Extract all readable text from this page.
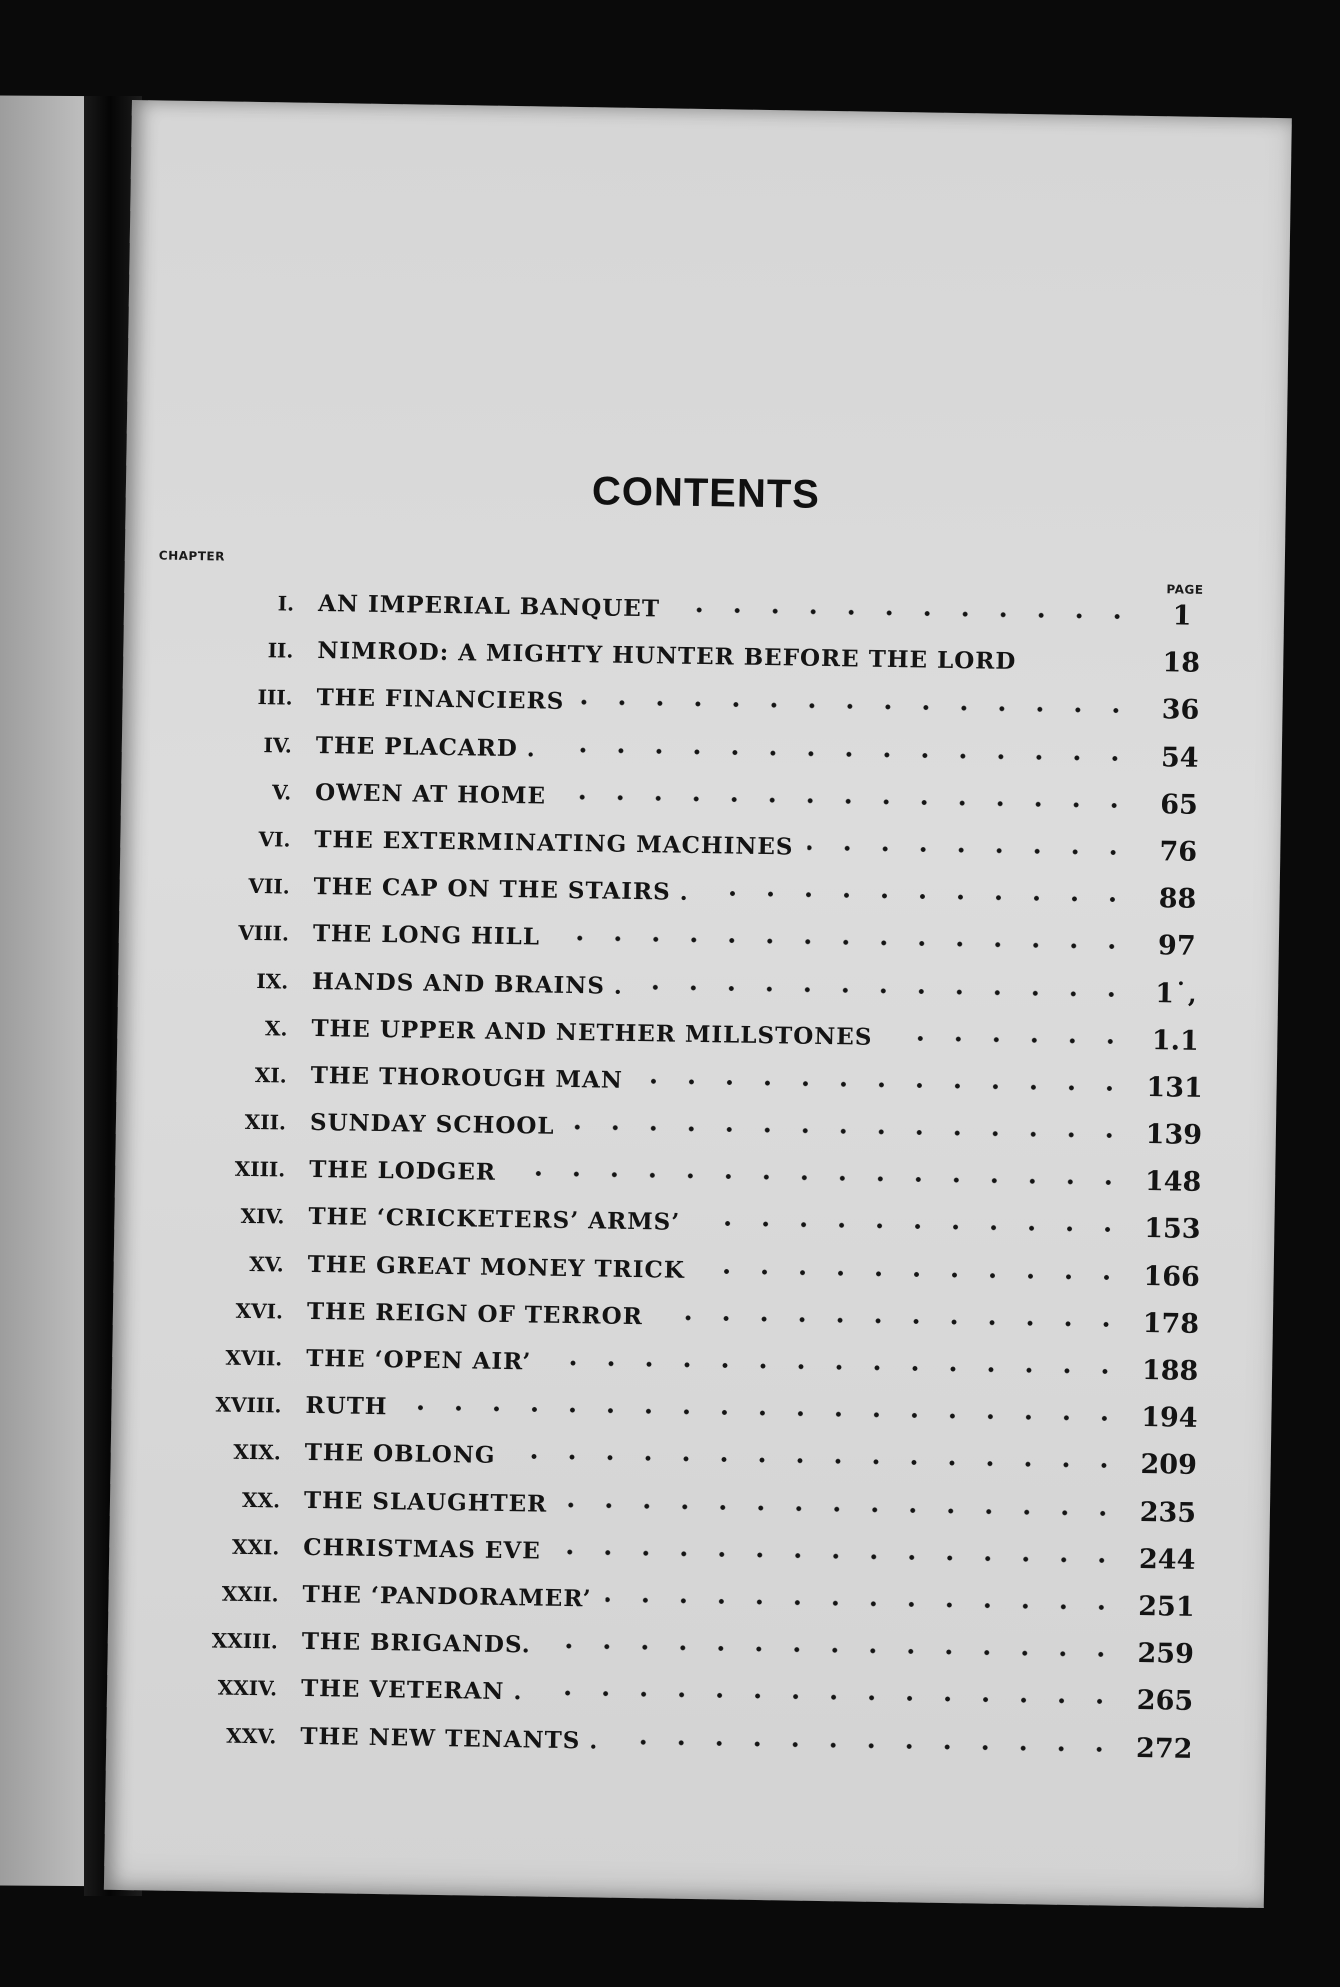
CONTENTS
CHAPTER
PAGE
I.	AN IMPERIAL BANQUET	1
II.	NIMROD: A MIGHTY HUNTER BEFORE THE LORD	18
III.	THE FINANCIERS	36
IV.	THE PLACARD .	54
V.	OWEN AT HOME	65
VI.	THE EXTERMINATING MACHINES	76
VII.	THE CAP ON THE STAIRS .	88
VIII.	THE LONG HILL	97
IX.	HANDS AND BRAINS .	1˙‚
X.	THE UPPER AND NETHER MILLSTONES	1.1
XI.	THE THOROUGH MAN	131
XII.	SUNDAY SCHOOL	139
XIII.	THE LODGER	148
XIV.	THE ‘CRICKETERS’ ARMS’	153
XV.	THE GREAT MONEY TRICK	166
XVI.	THE REIGN OF TERROR	178
XVII.	THE ‘OPEN AIR’	188
XVIII.	RUTH	194
XIX.	THE OBLONG	209
XX.	THE SLAUGHTER	235
XXI.	CHRISTMAS EVE	244
XXII.	THE ‘PANDORAMER’	251
XXIII.	THE BRIGANDS.	259
XXIV.	THE VETERAN .	265
XXV.	THE NEW TENANTS .	272
